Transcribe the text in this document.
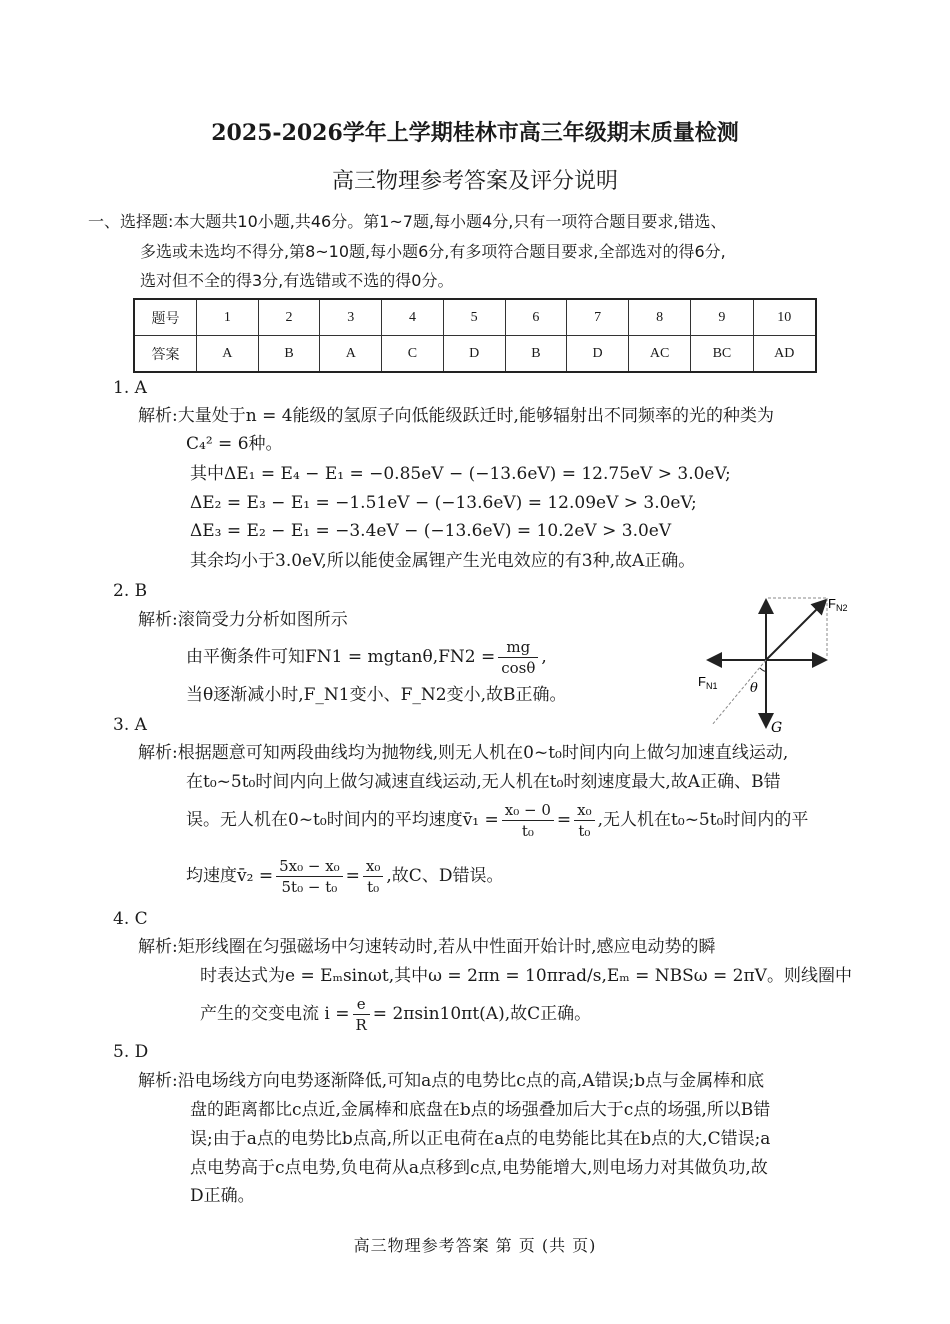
2025-2026学年上学期桂林市高三年级期末质量检测
高三物理参考答案及评分说明
一、选择题:本大题共10小题,共46分。第1~7题,每小题4分,只有一项符合题目要求,错选、
多选或未选均不得分,第8~10题,每小题6分,有多项符合题目要求,全部选对的得6分,
选对但不全的得3分,有选错或不选的得0分。
题号	1	2	3	4	5	6	7	8	9	10
答案	A	B	A	C	D	B	D	AC	BC	AD
1. A
解析:大量处于n = 4能级的氢原子向低能级跃迁时,能够辐射出不同频率的光的种类为
C₄² = 6种。
其中ΔE₁ = E₄ − E₁ = −0.85eV − (−13.6eV) = 12.75eV > 3.0eV;
ΔE₂ = E₃ − E₁ = −1.51eV − (−13.6eV) = 12.09eV > 3.0eV;
ΔE₃ = E₂ − E₁ = −3.4eV − (−13.6eV) = 10.2eV > 3.0eV
其余均小于3.0eV,所以能使金属锂产生光电效应的有3种,故A正确。
2. B
解析:滚筒受力分析如图所示
由平衡条件可知$FN1 = mgtan\theta,FN2 = \frac{mg}{\cos\theta}$ ,
当θ逐渐减小时,F_N1变小、F_N2变小,故B正确。
$F_{N2}$
$F_{N1}$	θ
G
3. A
解析:根据题意可知两段曲线均为抛物线,则无人机在0~t₀时间内向上做匀加速直线运动,
在t₀~5t₀时间内向上做匀减速直线运动,无人机在t₀时刻速度最大,故A正确、B错
误。无人机在0~t₀时间内的平均速度v̄₁ = $\frac{\text{x₀ − 0}}{\text{t₀}} = \frac{\text{x₀}}{\text{t₀}}$ ,无人机在t₀~5t₀时间内的平
均速度v̄₂ = $\frac{\text{5x₀ − x₀}}{\text{5t₀ − t₀}} = \frac{\text{x₀}}{\text{t₀}}$ ,故C、D错误。
4. C
解析:矩形线圈在匀强磁场中匀速转动时,若从中性面开始计时,感应电动势的瞬
时表达式为e = Eₘsinωt,其中ω = 2πn = 10πrad/s,Eₘ = NBSω = 2πV。则线圈中
产生的交变电流 $i = \frac{e}{R} = 2\pi\sin 10\pi t(A)$,故C正确。
5. D
解析:沿电场线方向电势逐渐降低,可知a点的电势比c点的高,A错误;b点与金属棒和底
盘的距离都比c点近,金属棒和底盘在b点的场强叠加后大于c点的场强,所以B错
误;由于a点的电势比b点高,所以正电荷在a点的电势能比其在b点的大,C错误;a
点电势高于c点电势,负电荷从a点移到c点,电势能增大,则电场力对其做负功,故
D正确。
高三物理参考答案 第 页 (共 页)
